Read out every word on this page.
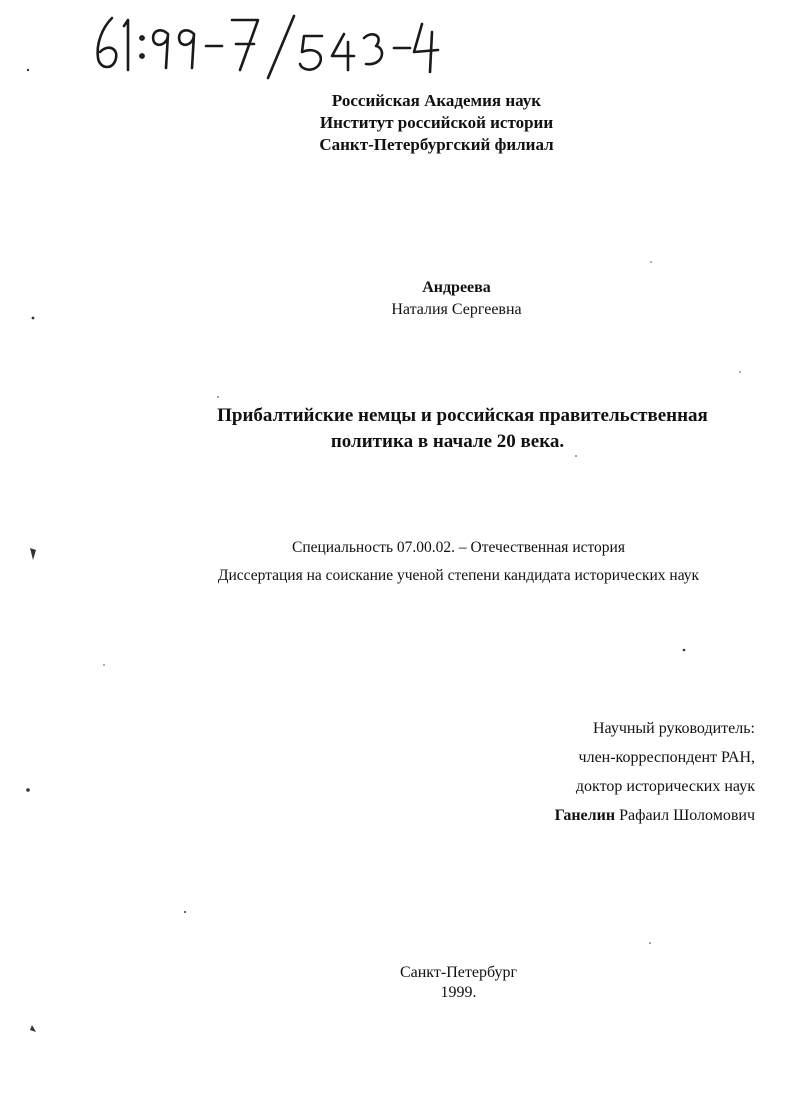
Российская Академия наук
Институт российской истории
Санкт-Петербургский филиал
Андреева
Наталия Сергеевна
Прибалтийские немцы и российская правительственная
политика в начале 20 века.
Специальность 07.00.02. – Отечественная история
Диссертация на соискание ученой степени кандидата исторических наук
Научный руководитель:
член-корреспондент РАН,
доктор исторических наук
Ганелин Рафаил Шоломович
Санкт-Петербург
1999.
